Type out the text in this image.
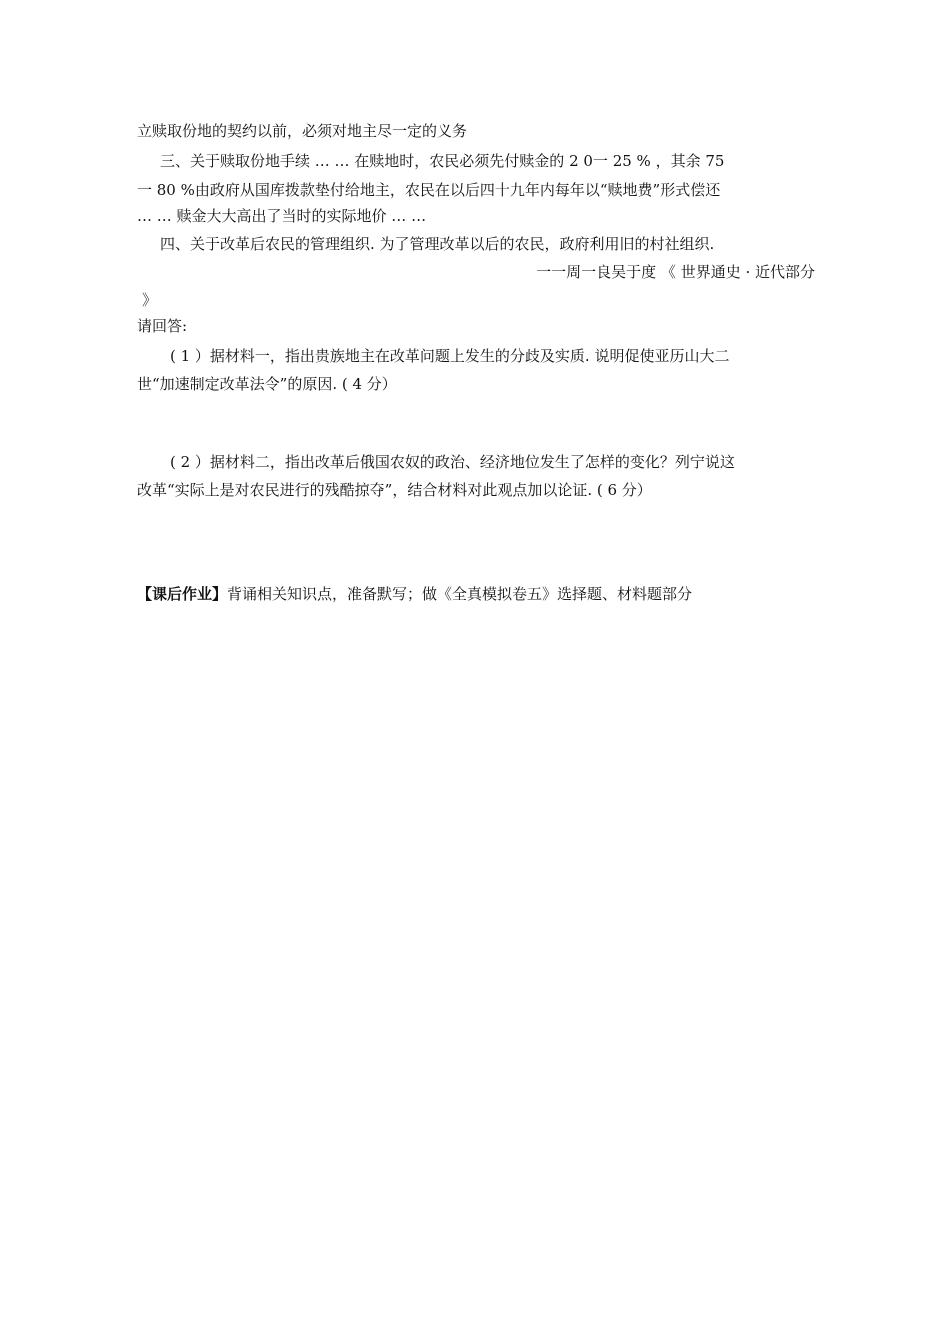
立赎取份地的契约以前，必须对地主尽一定的义务
三、关于赎取份地手续 … … 在赎地时，农民必须先付赎金的 2 0一 25 % ，其余 75
一 80 %由政府从国库拨款垫付给地主，农民在以后四十九年内每年以“赎地费”形式偿还
… … 赎金大大高出了当时的实际地价 … …
四、关于改革后农民的管理组织. 为了管理改革以后的农民，政府利用旧的村社组织.
一一周一良吴于度 《 世界通史 · 近代部分
》
请回答:
( 1 ）据材料一，指出贵族地主在改革问题上发生的分歧及实质. 说明促使亚历山大二
世“加速制定改革法令”的原因. ( 4 分）
( 2 ）据材料二，指出改革后俄国农奴的政治、经济地位发生了怎样的变化？列宁说这
改革“实际上是对农民进行的残酷掠夺”，结合材料对此观点加以论证. ( 6 分）
【课后作业】背诵相关知识点，准备默写；做《全真模拟卷五》选择题、材料题部分
